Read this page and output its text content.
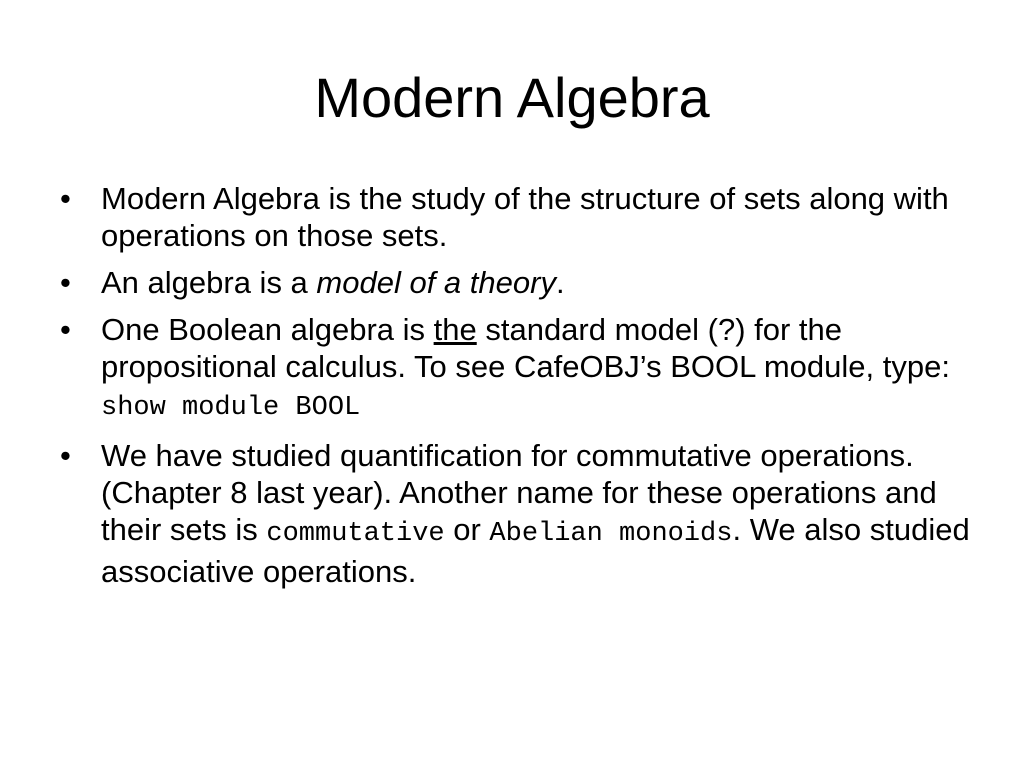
Modern Algebra
• Modern Algebra is the study of the structure of sets along with operations on those sets.
• An algebra is a model of a theory.
• One Boolean algebra is the standard model (?) for the propositional calculus. To see CafeOBJ’s BOOL module, type: show module BOOL
• We have studied quantification for commutative operations. (Chapter 8 last year). Another name for these operations and their sets is commutative or Abelian monoids. We also studied associative operations.
